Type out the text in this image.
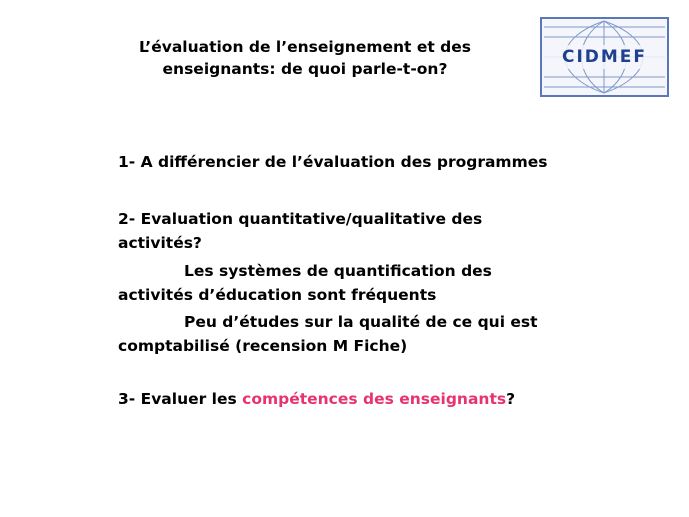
L’évaluation de l’enseignement et des
enseignants: de quoi parle-t-on?
CIDMEF
1- A différencier de l’évaluation des programmes
2- Evaluation quantitative/qualitative des
activités?
Les systèmes de quantification des
activités d’éducation sont fréquents
Peu d’études sur la qualité de ce qui est
comptabilisé (recension M Fiche)
3- Evaluer les compétences des enseignants?
